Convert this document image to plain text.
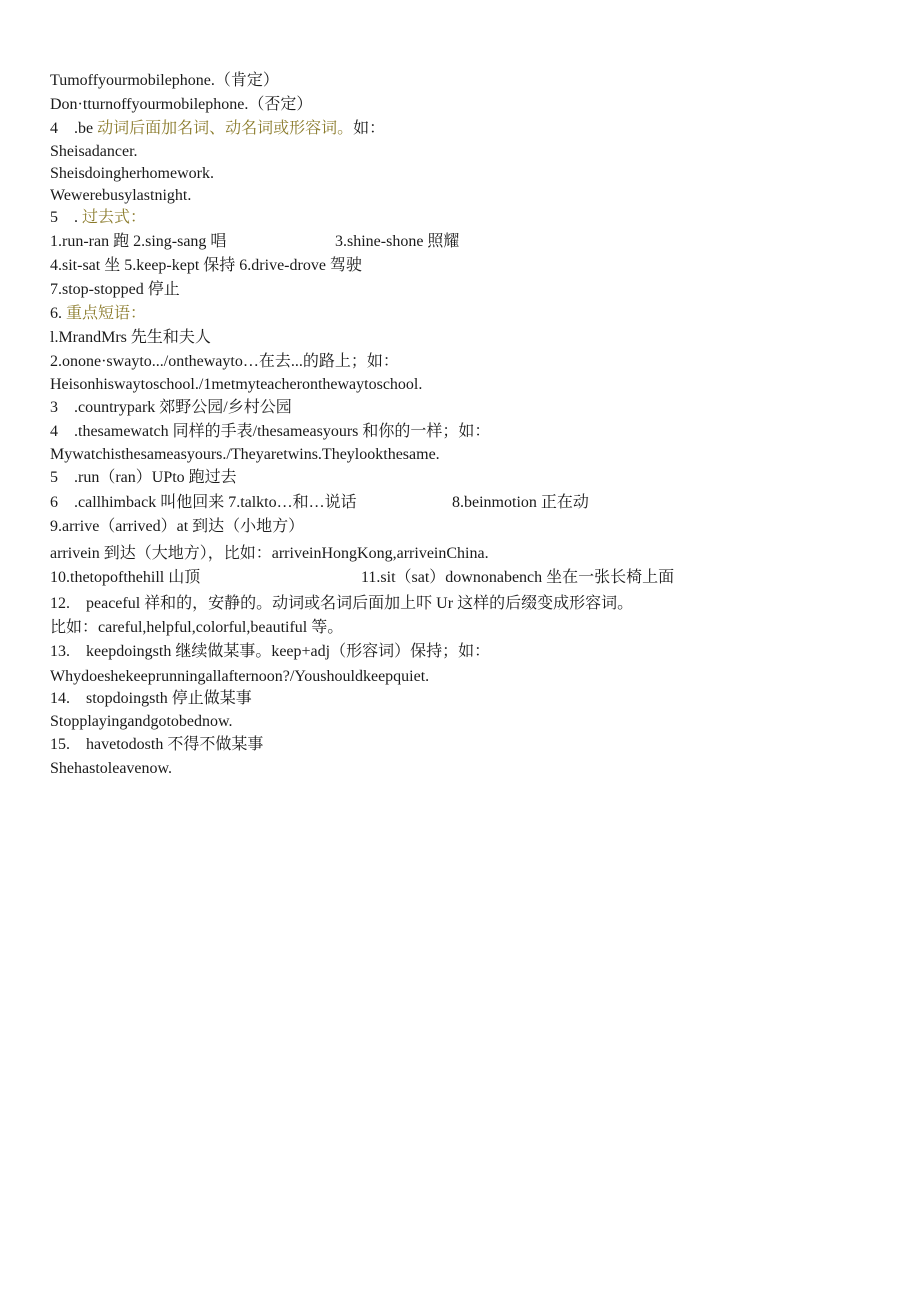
Tumoffyourmobilephone.（肯定）
Don·tturnoffyourmobilephone.（否定）
4　.be 动词后面加名词、动名词或形容词。如：
Sheisadancer.
Sheisdoingherhomework.
Wewerebusylastnight.
5　. 过去式：
1.run-ran 跑 2.sing-sang 唱	3.shine-shone 照耀
4.sit-sat 坐 5.keep-kept 保持 6.drive-drove 驾驶
7.stop-stopped 停止
6. 重点短语：
l.MrandMrs 先生和夫人
2.onone·swayto.../onthewayto…在去...的路上；如：
Heisonhiswaytoschool./1metmyteacheronthewaytoschool.
3　.countrypark 郊野公园/乡村公园
4　.thesamewatch 同样的手表/thesameasyours 和你的一样；如：
Mywatchisthesameasyours./Theyaretwins.Theylookthesame.
5　.run（ran）UPto 跑过去
6　.callhimback 叫他回来 7.talkto…和…说话	8.beinmotion 正在动
9.arrive（arrived）at 到达（小地方）
arrivein 到达（大地方），比如：arriveinHongKong,arriveinChina.
10.thetopofthehill 山顶	11.sit（sat）downonabench 坐在一张长椅上面
12.　peaceful 祥和的，安静的。动词或名词后面加上吓 Ur 这样的后缀变成形容词。
比如：careful,helpful,colorful,beautiful 等。
13.　keepdoingsth 继续做某事。keep+adj（形容词）保持；如：
Whydoeshekeeprunningallafternoon?/Youshouldkeepquiet.
14.　stopdoingsth 停止做某事
Stopplayingandgotobednow.
15.　havetodosth 不得不做某事
Shehastoleavenow.
